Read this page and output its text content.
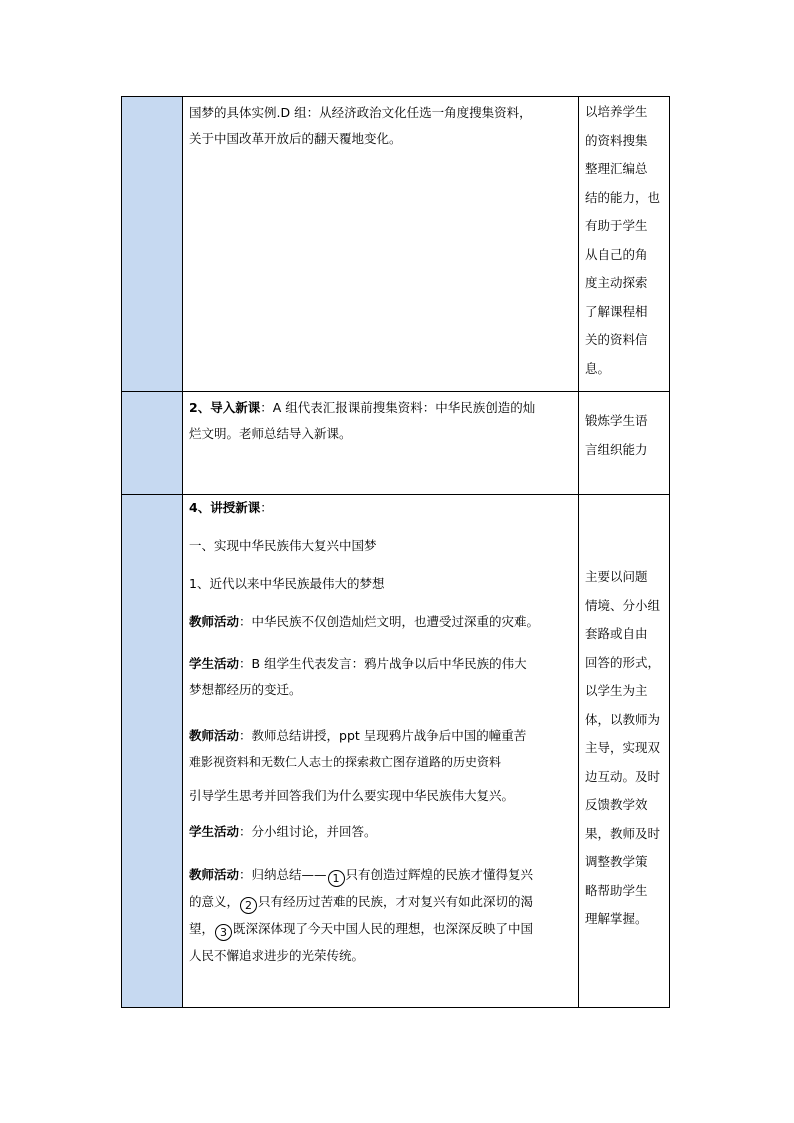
国梦的具体实例.D 组：从经济政治文化任选一角度搜集资料，

关于中国改革开放后的翻天覆地变化。

以培养学生

的资料搜集

整理汇编总

结的能力，也

有助于学生

从自己的角

度主动探索

了解课程相

关的资料信

息。

2、导入新课：A 组代表汇报课前搜集资料：中华民族创造的灿

烂文明。老师总结导入新课。

锻炼学生语

言组织能力

4、讲授新课：

一、实现中华民族伟大复兴中国梦

1、近代以来中华民族最伟大的梦想

教师活动：中华民族不仅创造灿烂文明，也遭受过深重的灾难。

学生活动：B 组学生代表发言：鸦片战争以后中华民族的伟大

梦想都经历的变迁。

教师活动：教师总结讲授，ppt 呈现鸦片战争后中国的幢重苦

难影视资料和无数仁人志士的探索救亡图存道路的历史资料

引导学生思考并回答我们为什么要实现中华民族伟大复兴。

学生活动：分小组讨论，并回答。

教师活动：归纳总结—— 1 只有创造过辉煌的民族才懂得复兴

的意义， 2 只有经历过苦难的民族，才对复兴有如此深切的渴

望， 3 既深深体现了今天中国人民的理想，也深深反映了中国

人民不懈追求进步的光荣传统。

主要以问题

情境、分小组

套路或自由

回答的形式，

以学生为主

体，以教师为

主导，实现双

边互动。及时

反馈教学效

果，教师及时

调整教学策

略帮助学生

理解掌握。
